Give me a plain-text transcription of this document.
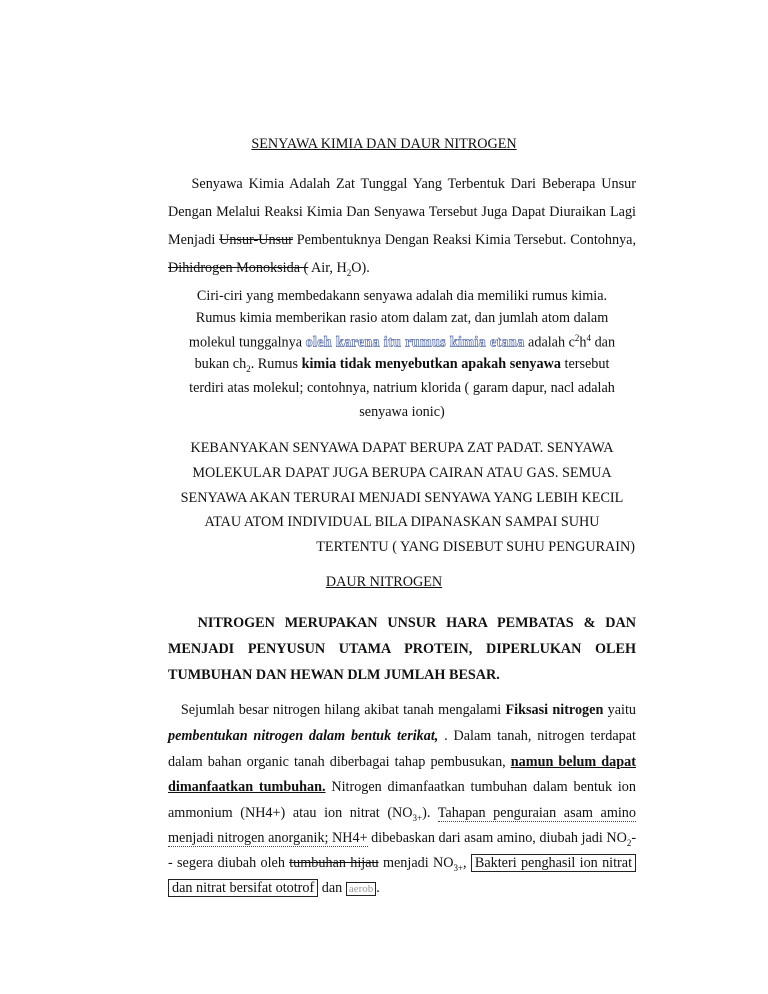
SENYAWA KIMIA DAN DAUR NITROGEN
Senyawa Kimia Adalah Zat Tunggal Yang Terbentuk Dari Beberapa Unsur
Dengan Melalui Reaksi Kimia Dan Senyawa Tersebut Juga Dapat Diuraikan Lagi
Menjadi Unsur-Unsur Pembentuknya Dengan Reaksi Kimia Tersebut. Contohnya,
Dihidrogen Monoksida ( Air, $H_2O$).
Ciri-ciri yang membedakann senyawa adalah dia memiliki rumus kimia.
Rumus kimia memberikan rasio atom dalam zat, dan jumlah atom dalam
molekul tunggalnya oleh karena itu rumus kimia etana adalah $c^2h^4$ dan
bukan $ch_2$. Rumus kimia tidak menyebutkan apakah senyawa tersebut
terdiri atas molekul; contohnya, natrium klorida ( garam dapur, nacl adalah
senyawa ionic)
KEBANYAKAN SENYAWA DAPAT BERUPA ZAT PADAT. SENYAWA
MOLEKULAR DAPAT JUGA BERUPA CAIRAN ATAU GAS. SEMUA
SENYAWA AKAN TERURAI MENJADI SENYAWA YANG LEBIH KECIL
ATAU ATOM INDIVIDUAL BILA DIPANASKAN SAMPAI SUHU
TERTENTU ( YANG DISEBUT SUHU PENGURAIN)
DAUR NITROGEN
NITROGEN MERUPAKAN UNSUR HARA PEMBATAS & DAN
MENJADI PENYUSUN UTAMA PROTEIN, DIPERLUKAN OLEH
TUMBUHAN DAN HEWAN DLM JUMLAH BESAR.
Sejumlah besar nitrogen hilang akibat tanah mengalami Fiksasi nitrogen yaitu
pembentukan nitrogen dalam bentuk terikat, . Dalam tanah, nitrogen terdapat
dalam bahan organic tanah diberbagai tahap pembusukan, namun belum dapat
dimanfaatkan tumbuhan. Nitrogen dimanfaatkan tumbuhan dalam bentuk ion
ammonium (NH4+) atau ion nitrat $(NO_{3+})$. Tahapan penguraian asam amino
menjadi nitrogen anorganik; NH4+ dibebaskan dari asam amino, diubah jadi $NO_2-$
- segera diubah oleh tumbuhan hijau menjadi $NO_{3+}$, Bakteri penghasil ion nitrat
dan nitrat bersifat ototrof dan aerob .
